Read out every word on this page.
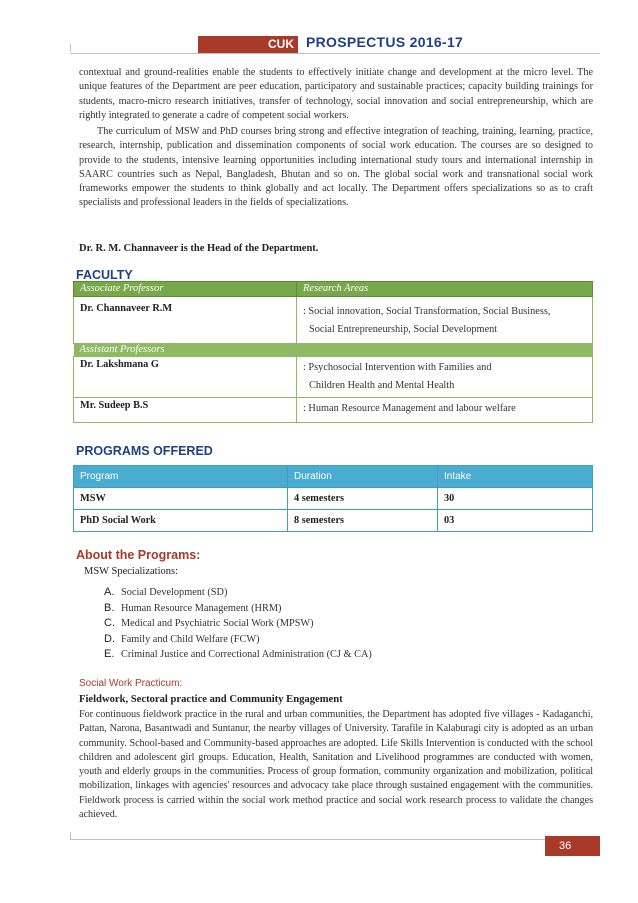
CUK PROSPECTUS 2016-17
contextual and ground-realities enable the students to effectively initiate change and development at the micro level. The unique features of the Department are peer education, participatory and sustainable practices; capacity building trainings for students, macro-micro research initiatives, transfer of technology, social innovation and social entrepreneurship, which are rightly integrated to generate a cadre of competent social workers.
The curriculum of MSW and PhD courses bring strong and effective integration of teaching, training, learning, practice, research, internship, publication and dissemination components of social work education. The courses are so designed to provide to the students, intensive learning opportunities including international study tours and international internship in SAARC countries such as Nepal, Bangladesh, Bhutan and so on. The global social work and transnational social work frameworks empower the students to think globally and act locally. The Department offers specializations so as to craft specialists and professional leaders in the fields of specializations.
Dr. R. M. Channaveer is the Head of the Department.
FACULTY
Associate Professor	Research Areas
Dr. Channaveer R.M	: Social innovation, Social Transformation, Social Business,
Social Entrepreneurship, Social Development

Assistant Professors	
Dr. Lakshmana G	: Psychosocial Intervention with Families and
Children Health and Mental Health

Mr. Sudeep B.S	: Human Resource Management and labour welfare
PROGRAMS OFFERED
Program	Duration	Intake
MSW	4 semesters	30
PhD Social Work	8 semesters	03
About the Programs:
MSW Specializations:
A. Social Development (SD)
B. Human Resource Management (HRM)
C. Medical and Psychiatric Social Work (MPSW)
D. Family and Child Welfare (FCW)
E. Criminal Justice and Correctional Administration (CJ & CA)
Social Work Practicum:
Fieldwork, Sectoral practice and Community Engagement
For continuous fieldwork practice in the rural and urban communities, the Department has adopted five villages - Kadaganchi, Pattan, Narona, Basantwadi and Suntanur, the nearby villages of University. Tarafile in Kalaburagi city is adopted as an urban community. School-based and Community-based approaches are adopted. Life Skills Intervention is conducted with the school children and adolescent girl groups. Education, Health, Sanitation and Livelihood programmes are conducted with women, youth and elderly groups in the communities. Process of group formation, community organization and mobilization, political mobilization, linkages with agencies' resources and advocacy take place through sustained engagement with the communities. Fieldwork process is carried within the social work method practice and social work research process to validate the changes achieved.
36
